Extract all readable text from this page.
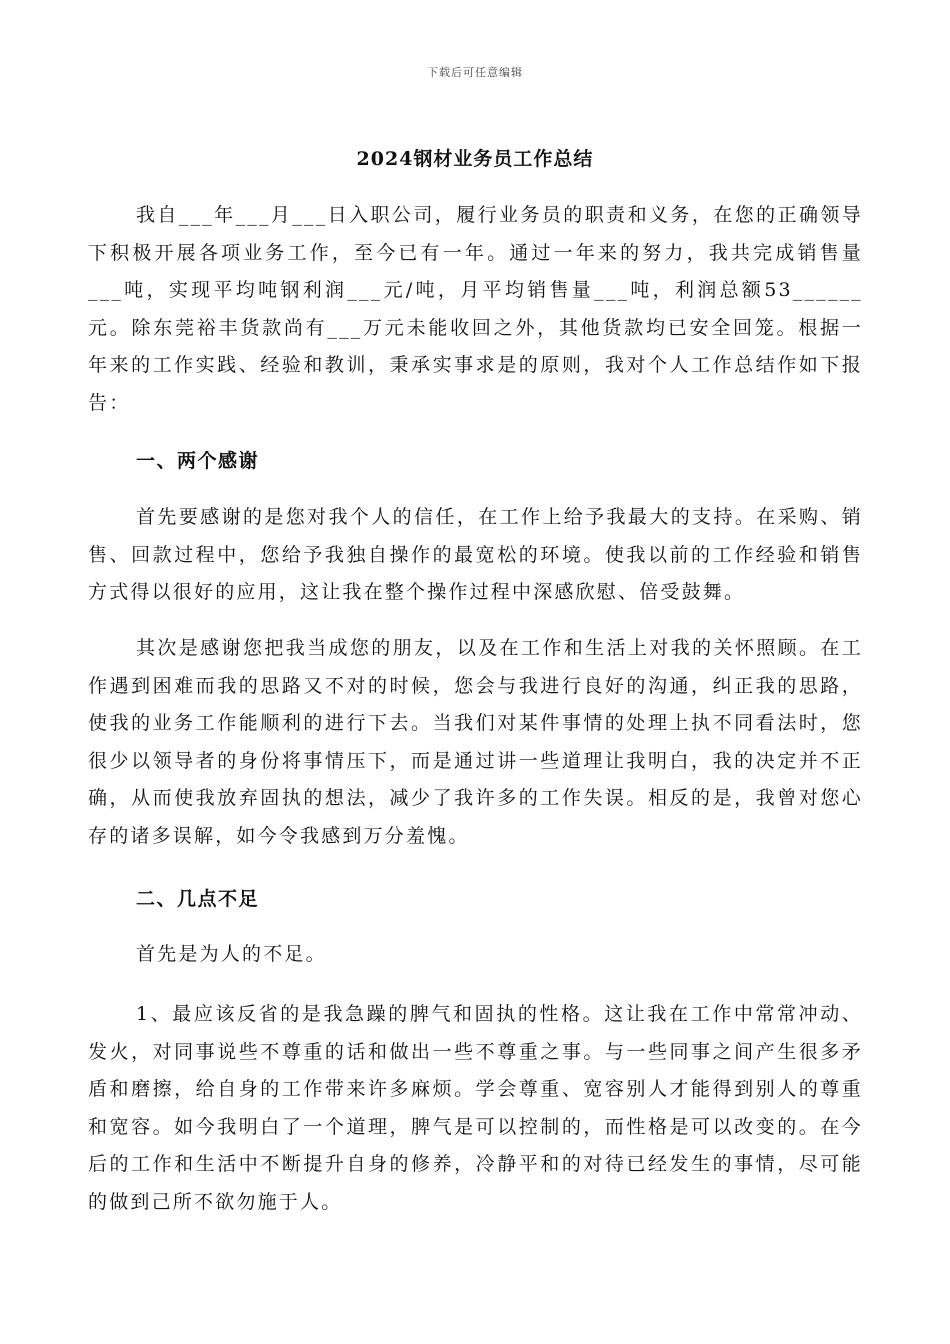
下载后可任意编辑
2024钢材业务员工作总结

我自___年___月___日入职公司，履行业务员的职责和义务，在您的正确领导下积极开展各项业务工作，至今已有一年。通过一年来的努力，我共完成销售量___吨，实现平均吨钢利润___元/吨，月平均销售量___吨，利润总额53______元。除东莞裕丰货款尚有___万元未能收回之外，其他货款均已安全回笼。根据一年来的工作实践、经验和教训，秉承实事求是的原则，我对个人工作总结作如下报告：

一、两个感谢

首先要感谢的是您对我个人的信任，在工作上给予我最大的支持。在采购、销售、回款过程中，您给予我独自操作的最宽松的环境。使我以前的工作经验和销售方式得以很好的应用，这让我在整个操作过程中深感欣慰、倍受鼓舞。

其次是感谢您把我当成您的朋友，以及在工作和生活上对我的关怀照顾。在工作遇到困难而我的思路又不对的时候，您会与我进行良好的沟通，纠正我的思路，使我的业务工作能顺利的进行下去。当我们对某件事情的处理上执不同看法时，您很少以领导者的身份将事情压下，而是通过讲一些道理让我明白，我的决定并不正确，从而使我放弃固执的想法，减少了我许多的工作失误。相反的是，我曾对您心存的诸多误解，如今令我感到万分羞愧。

二、几点不足

首先是为人的不足。

1、最应该反省的是我急躁的脾气和固执的性格。这让我在工作中常常冲动、发火，对同事说些不尊重的话和做出一些不尊重之事。与一些同事之间产生很多矛盾和磨擦，给自身的工作带来许多麻烦。学会尊重、宽容别人才能得到别人的尊重和宽容。如今我明白了一个道理，脾气是可以控制的，而性格是可以改变的。在今后的工作和生活中不断提升自身的修养，冷静平和的对待已经发生的事情，尽可能的做到己所不欲勿施于人。
